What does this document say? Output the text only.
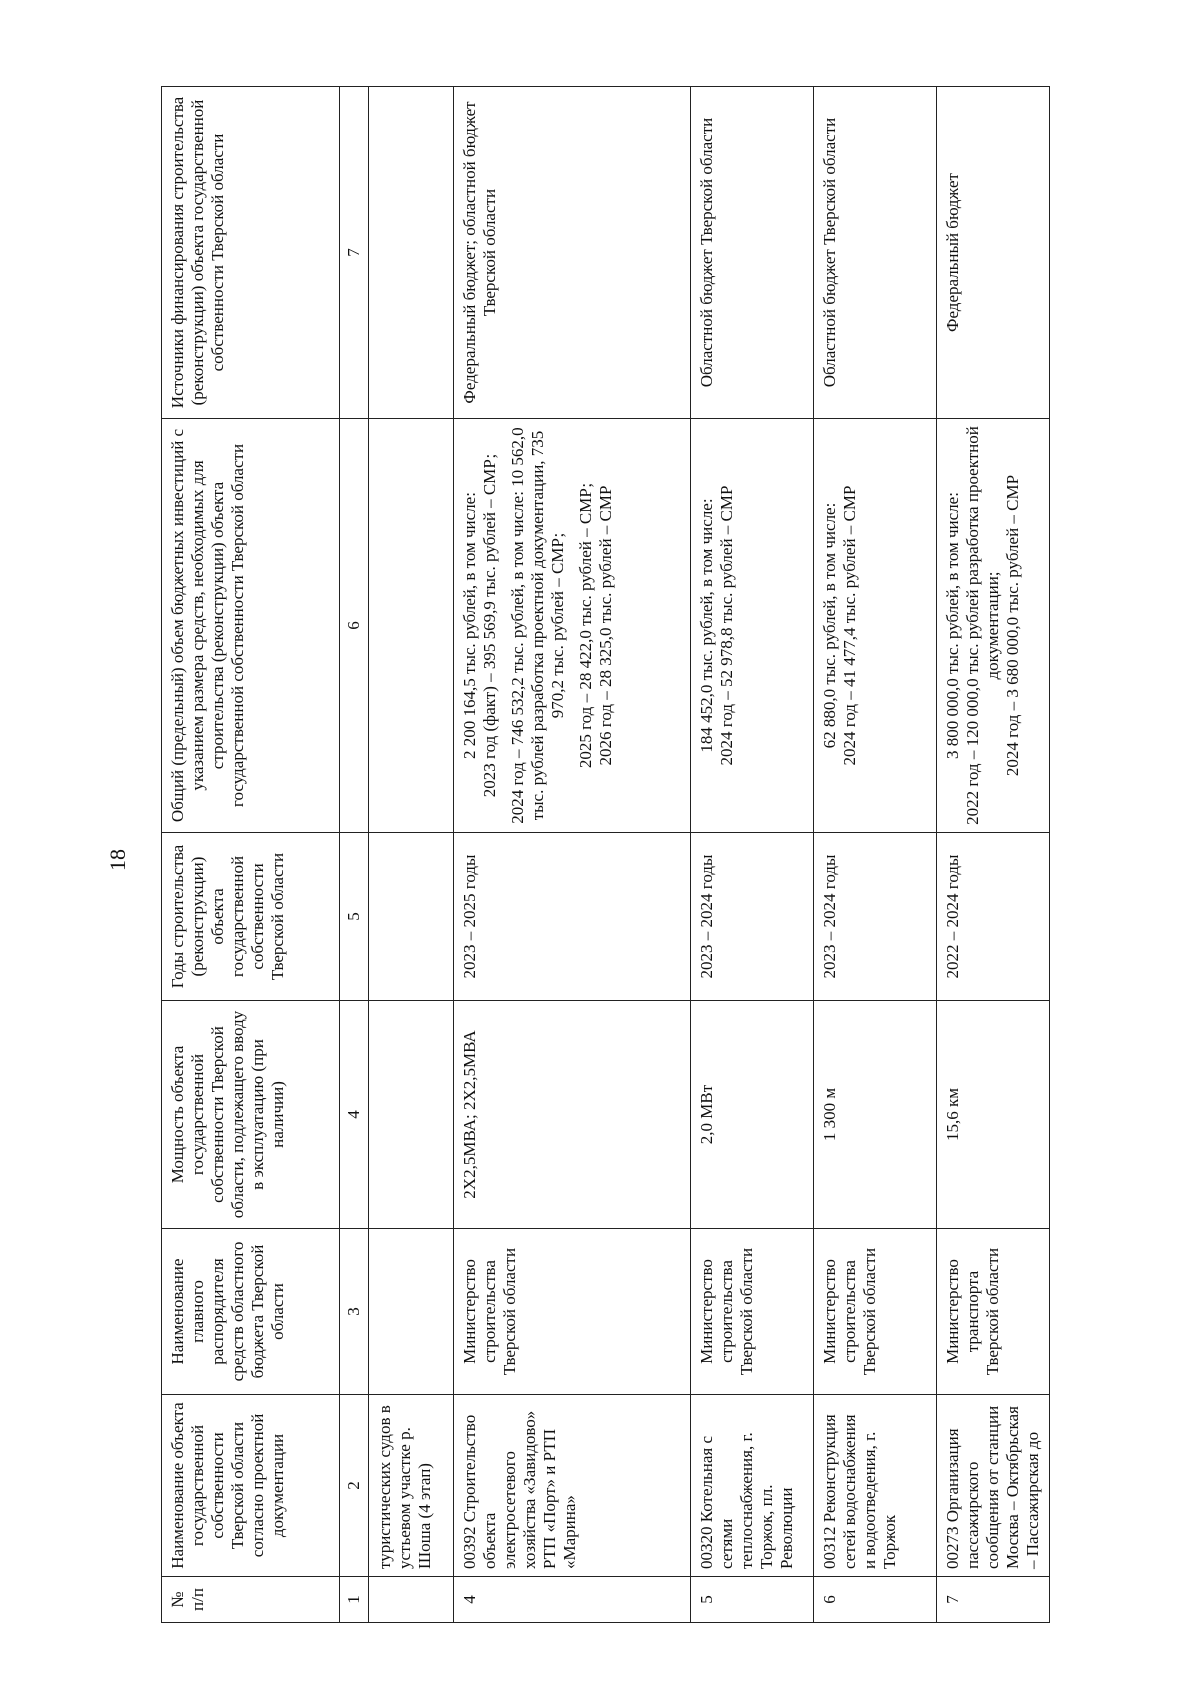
18
№ п/п	Наименование объекта государственной собственности Тверской области согласно проектной документации	Наименование главного распорядителя средств областного бюджета Тверской области	Мощность объекта государственной собственности Тверской области, подлежащего вводу в эксплуатацию (при наличии)	Годы строительства (реконструкции) объекта государственной собственности Тверской области	Общий (предельный) объем бюджетных инвестиций с указанием размера средств, необходимых для строительства (реконструкции) объекта государственной собственности Тверской области	Источники финансирования строительства (реконструкции) объекта государственной собственности Тверской области
1	2	3	4	5	6	7
	туристических судов в устьевом участке р. Шоша (4 этап)					
4	00392 Строительство объекта электросетевого хозяйства «Завидово» РТП «Порт» и РТП «Марина»	Министерство строительства Тверской области	2Х2,5МВА; 2Х2,5МВА	2023 – 2025 годы	2 200 164,5 тыс. рублей, в том числе: 2023 год (факт) – 395 569,9 тыс. рублей – СМР; 2024 год – 746 532,2 тыс. рублей, в том числе: 10 562,0 тыс. рублей разработка проектной документации, 735 970,2 тыс. рублей – СМР; 2025 год – 28 422,0 тыс. рублей – СМР; 2026 год – 28 325,0 тыс. рублей – СМР	Федеральный бюджет; областной бюджет Тверской области
5	00320 Котельная с сетями теплоснабжения, г. Торжок, пл. Революции	Министерство строительства Тверской области	2,0 МВт	2023 – 2024 годы	184 452,0 тыс. рублей, в том числе: 2024 год – 52 978,8 тыс. рублей – СМР	Областной бюджет Тверской области
6	00312 Реконструкция сетей водоснабжения и водоотведения, г. Торжок	Министерство строительства Тверской области	1 300 м	2023 – 2024 годы	62 880,0 тыс. рублей, в том числе: 2024 год – 41 477,4 тыс. рублей – СМР	Областной бюджет Тверской области
7	00273 Организация пассажирского сообщения от станции Москва – Октябрьская – Пассажирская до	Министерство транспорта Тверской области	15,6 км	2022 – 2024 годы	3 800 000,0 тыс. рублей, в том числе: 2022 год – 120 000,0 тыс. рублей разработка проектной документации; 2024 год – 3 680 000,0 тыс. рублей – СМР	Федеральный бюджет
